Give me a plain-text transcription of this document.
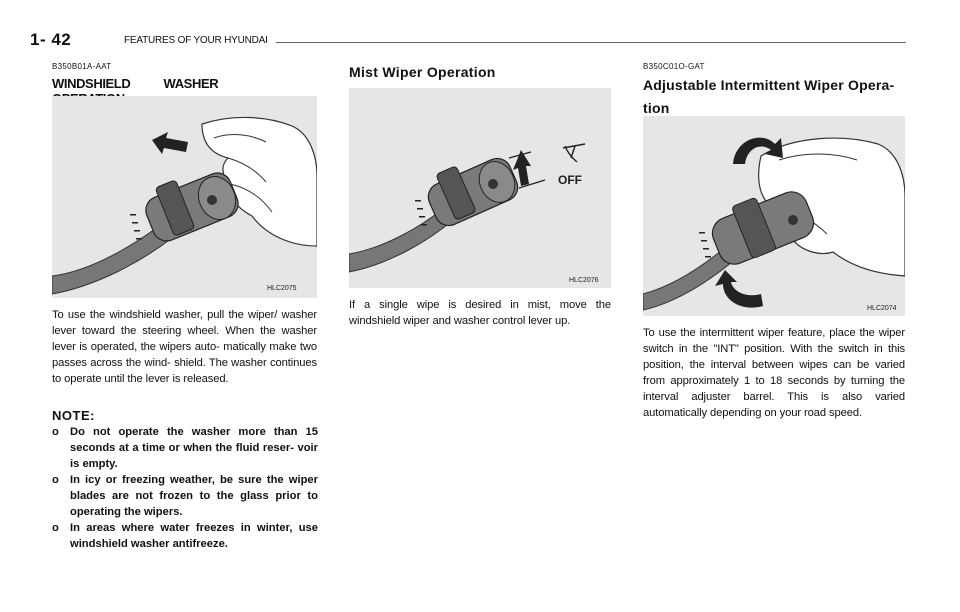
1- 42	FEATURES OF YOUR HYUNDAI
B350B01A-AAT
WINDSHIELD WASHER
HLC2075
To use the windshield washer, pull the wiper/ washer lever toward the steering wheel. When the washer lever is operated, the wipers auto- matically make two passes across the wind- shield. The washer continues to operate until the lever is released.
NOTE:
o Do not operate the washer more than 15 seconds at a time or when the fluid reser- voir is empty.
o In icy or freezing weather, be sure the wiper blades are not frozen to the glass prior to operating the wipers.
o In areas where water freezes in winter, use windshield washer antifreeze.
Mist Wiper Operation
OFF
HLC2076
If a single wipe is desired in mist, move the windshield wiper and washer control lever up.
B350C01O-GAT
Adjustable Intermittent Wiper Opera- tion
HLC2074
To use the intermittent wiper feature, place the wiper switch in the "INT" position. With the switch in this position, the interval between wipes can be varied from approximately 1 to 18 seconds by turning the interval adjuster barrel. This is also varied automatically depending on your road speed.
